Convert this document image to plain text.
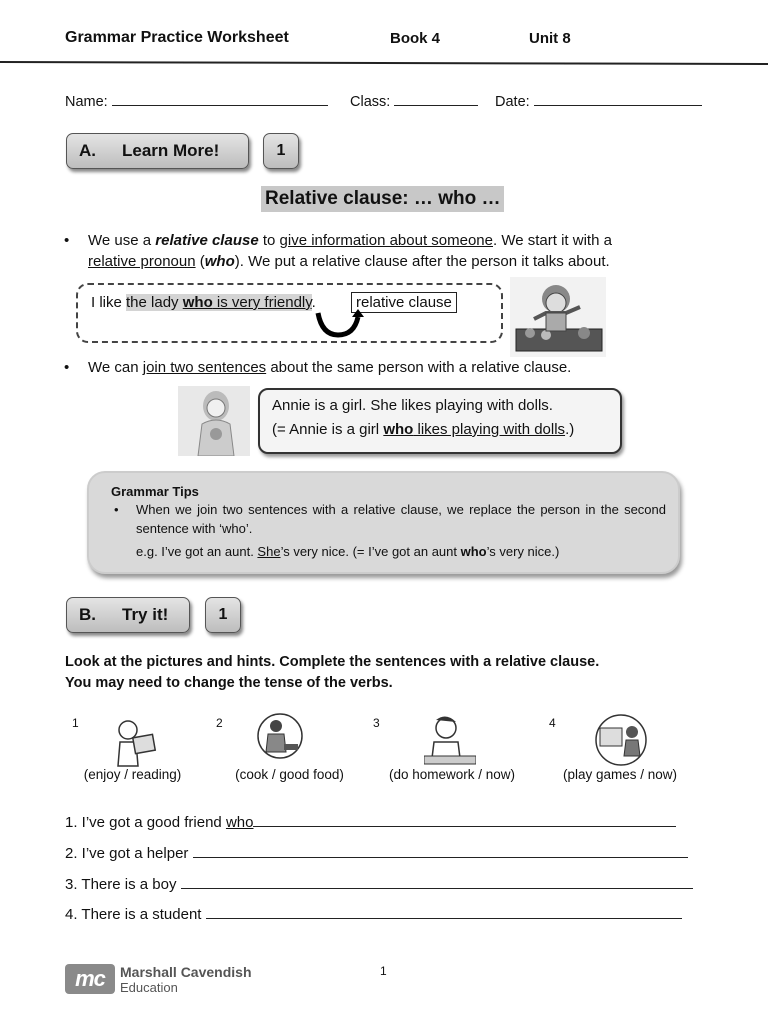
Grammar Practice Worksheet	Book 4	Unit 8
Name:	Class:	Date:
A. Learn More!	1
Relative clause: … who …
• We use a relative clause to give information about someone. We start it with a
relative pronoun (who). We put a relative clause after the person it talks about.
I like the lady who is very friendly.	relative clause
• We can join two sentences about the same person with a relative clause.
Annie is a girl. She likes playing with dolls.
(= Annie is a girl who likes playing with dolls.)
Grammar Tips
• When we join two sentences with a relative clause, we replace the person in the second sentence with ‘who’.
e.g. I’ve got an aunt. She’s very nice. (= I’ve got an aunt who’s very nice.)
B. Try it!	1
Look at the pictures and hints. Complete the sentences with a relative clause.
You may need to change the tense of the verbs.
1
(enjoy / reading)
2
(cook / good food)
3
(do homework / now)
4
(play games / now)
1. I’ve got a good friend who
2. I’ve got a helper
3. There is a boy
4. There is a student
mc Marshall Cavendish
Education
1
